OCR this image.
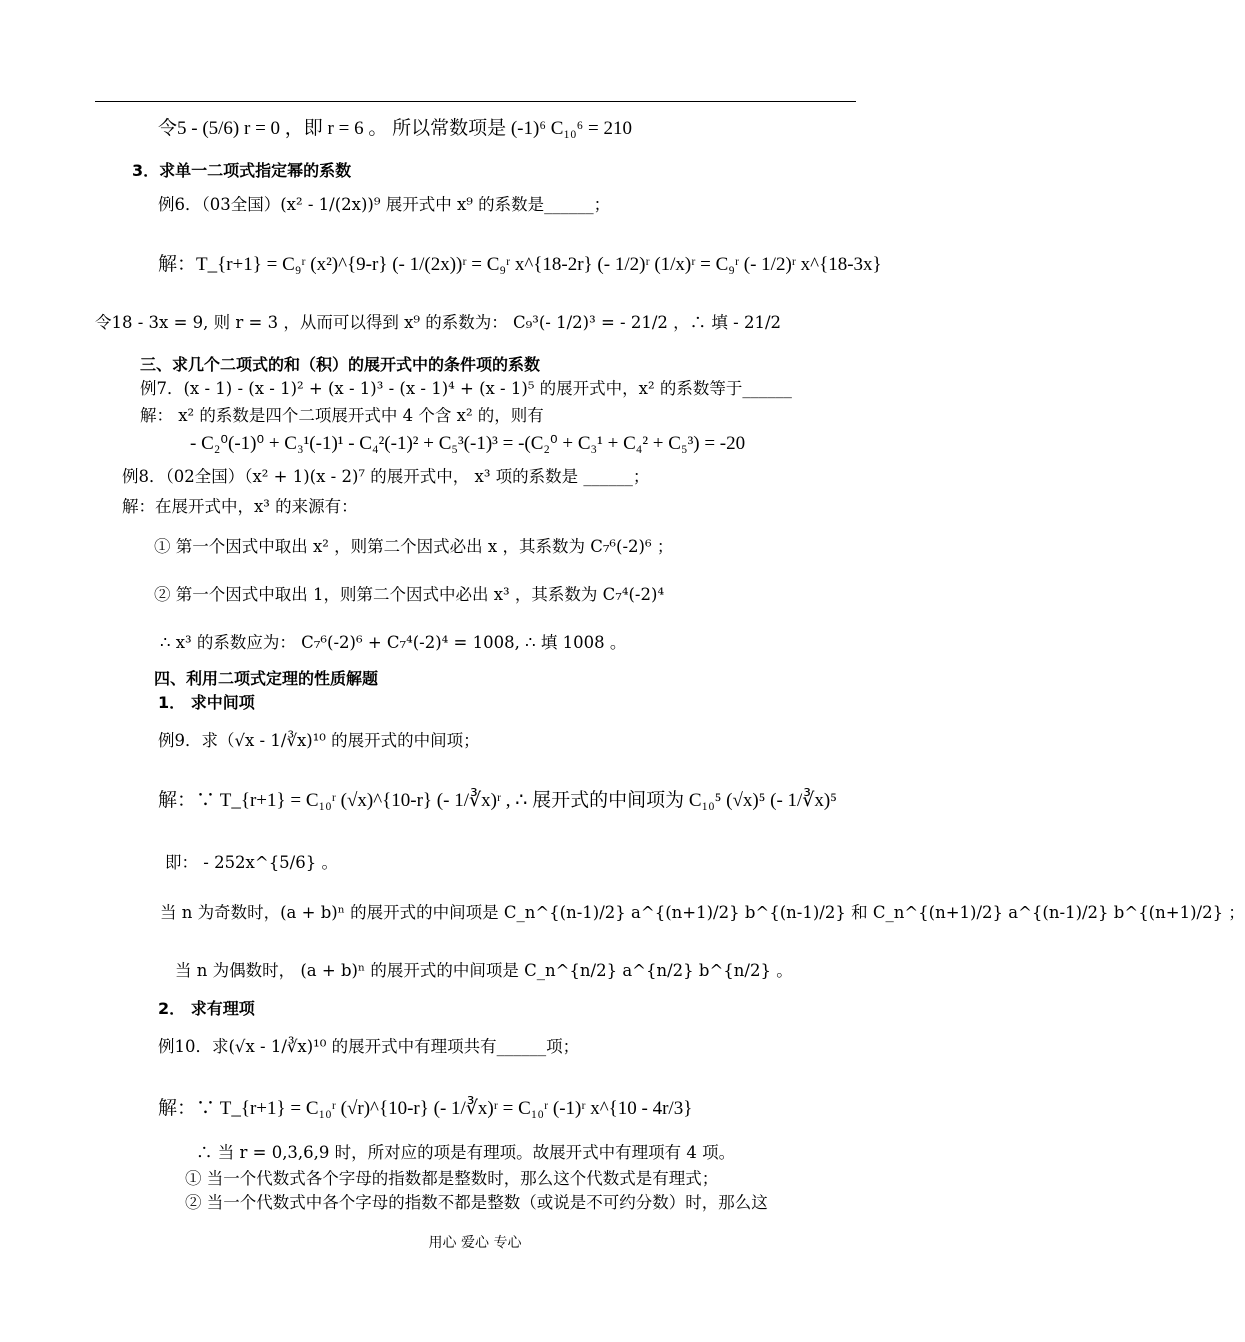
令5 - (5/6) r = 0 ，即 r = 6 。 所以常数项是 (-1)⁶ C₁₀⁶ = 210
3．求单一二项式指定幂的系数
例6．（03全国）(x² - 1/(2x))⁹ 展开式中 x⁹ 的系数是______；
解：T_{r+1} = C₉ʳ (x²)^{9-r} (- 1/(2x))ʳ = C₉ʳ x^{18-2r} (- 1/2)ʳ (1/x)ʳ = C₉ʳ (- 1/2)ʳ x^{18-3x}
令18 - 3x = 9, 则 r = 3 ，从而可以得到 x⁹ 的系数为： C₉³(- 1/2)³ = - 21/2 ，∴ 填 - 21/2
三、求几个二项式的和（积）的展开式中的条件项的系数
例7．(x - 1) - (x - 1)² + (x - 1)³ - (x - 1)⁴ + (x - 1)⁵ 的展开式中，x² 的系数等于______
解： x² 的系数是四个二项展开式中 4 个含 x² 的，则有
- C₂⁰(-1)⁰ + C₃¹(-1)¹ - C₄²(-1)² + C₅³(-1)³ = -(C₂⁰ + C₃¹ + C₄² + C₅³) = -20
例8．（02全国）（x² + 1)(x - 2)⁷ 的展开式中， x³ 项的系数是 ______；
解：在展开式中，x³ 的来源有：
① 第一个因式中取出 x² ，则第二个因式必出 x ，其系数为 C₇⁶(-2)⁶ ；
② 第一个因式中取出 1，则第二个因式中必出 x³ ，其系数为 C₇⁴(-2)⁴
∴ x³ 的系数应为： C₇⁶(-2)⁶ + C₇⁴(-2)⁴ = 1008, ∴ 填 1008 。
四、利用二项式定理的性质解题
1． 求中间项
例9．求（√x - 1/∛x)¹⁰ 的展开式的中间项；
解：∵ T_{r+1} = C₁₀ʳ (√x)^{10-r} (- 1/∛x)ʳ , ∴ 展开式的中间项为 C₁₀⁵ (√x)⁵ (- 1/∛x)⁵
即： - 252x^{5/6} 。
当 n 为奇数时，(a + b)ⁿ 的展开式的中间项是 C_n^{(n-1)/2} a^{(n+1)/2} b^{(n-1)/2} 和 C_n^{(n+1)/2} a^{(n-1)/2} b^{(n+1)/2} ；
当 n 为偶数时， (a + b)ⁿ 的展开式的中间项是 C_n^{n/2} a^{n/2} b^{n/2} 。
2． 求有理项
例10．求(√x - 1/∛x)¹⁰ 的展开式中有理项共有______项；
解：∵ T_{r+1} = C₁₀ʳ (√r)^{10-r} (- 1/∛x)ʳ = C₁₀ʳ (-1)ʳ x^{10 - 4r/3}
∴ 当 r = 0,3,6,9 时，所对应的项是有理项。故展开式中有理项有 4 项。
① 当一个代数式各个字母的指数都是整数时，那么这个代数式是有理式；
② 当一个代数式中各个字母的指数不都是整数（或说是不可约分数）时，那么这
用心 爱心 专心
